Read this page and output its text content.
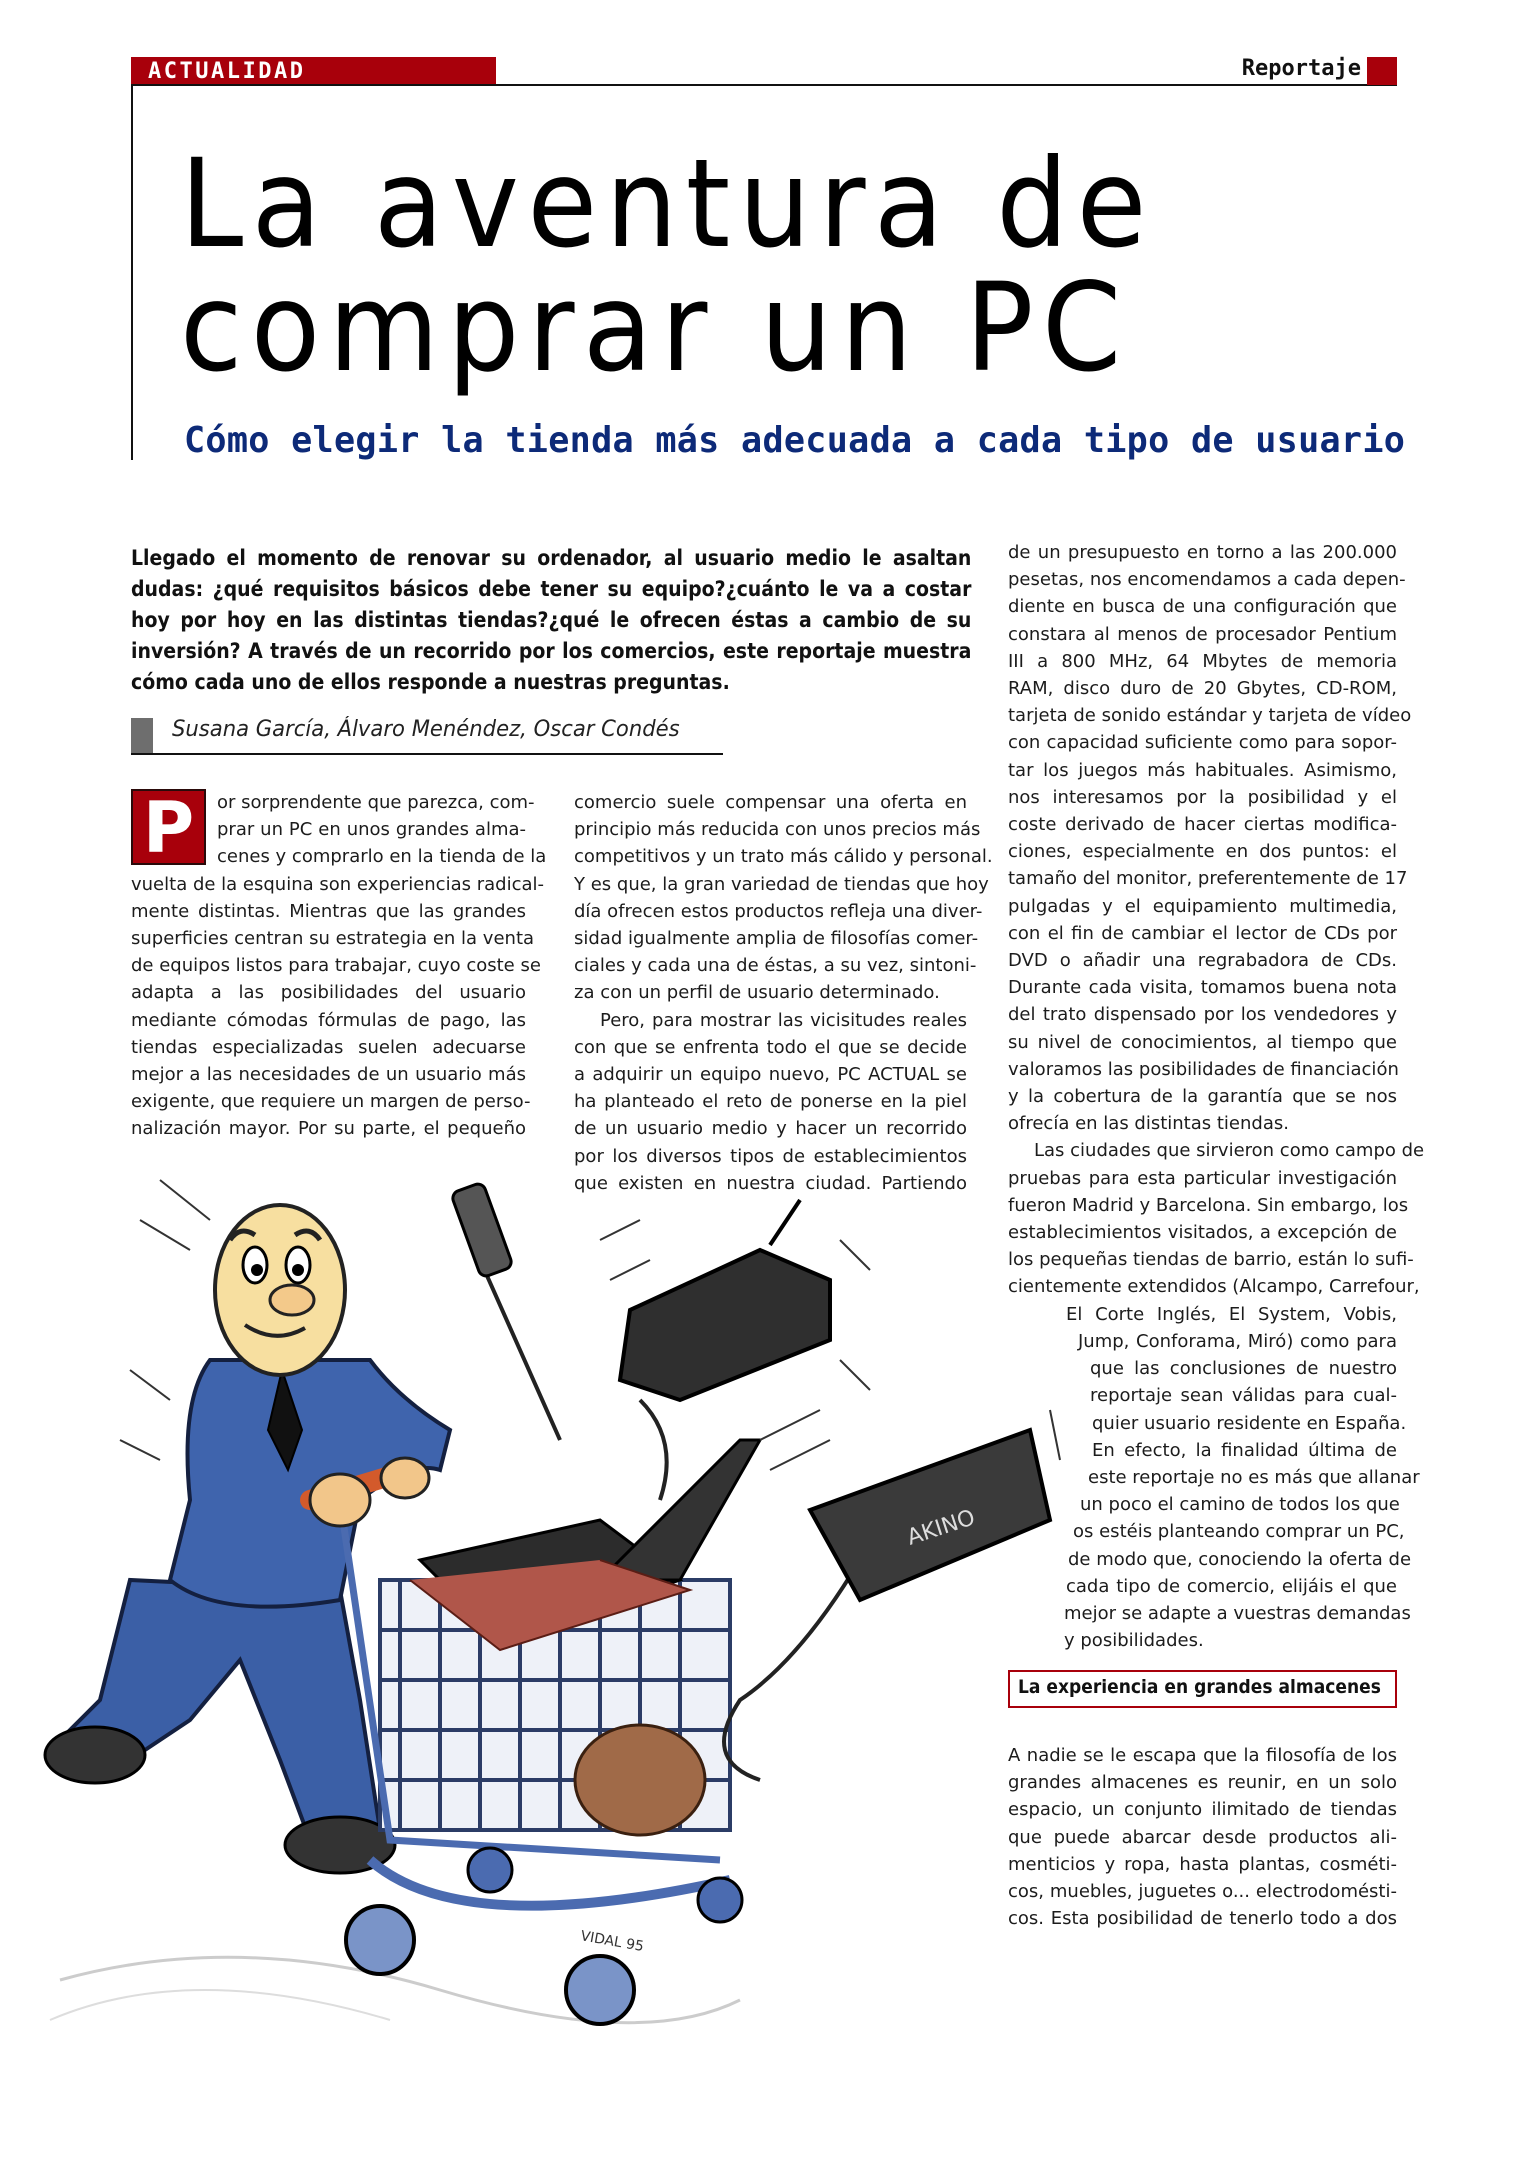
ACTUALIDAD	Reportaje
La aventura de
comprar un PC
Cómo elegir la tienda más adecuada a cada tipo de usuario
Llegado el momento de renovar su ordenador, al usuario medio le asaltan
dudas: ¿qué requisitos básicos debe tener su equipo?¿cuánto le va a costar
hoy por hoy en las distintas tiendas?¿qué le ofrecen éstas a cambio de su
inversión? A través de un recorrido por los comercios, este reportaje muestra
cómo cada uno de ellos responde a nuestras preguntas.
Susana García, Álvaro Menéndez, Oscar Condés
AKINO
VIDAL 95
P	or sorprendente que parezca, com-
prar un PC en unos grandes alma-
cenes y comprarlo en la tienda de la
vuelta de la esquina son experiencias radical-
mente distintas. Mientras que las grandes
superficies centran su estrategia en la venta
de equipos listos para trabajar, cuyo coste se
adapta a las posibilidades del usuario
mediante cómodas fórmulas de pago, las
tiendas especializadas suelen adecuarse
mejor a las necesidades de un usuario más
exigente, que requiere un margen de perso-
nalización mayor. Por su parte, el pequeño
comercio suele compensar una oferta en
principio más reducida con unos precios más
competitivos y un trato más cálido y personal.
Y es que, la gran variedad de tiendas que hoy
día ofrecen estos productos refleja una diver-
sidad igualmente amplia de filosofías comer-
ciales y cada una de éstas, a su vez, sintoni-
za con un perfil de usuario determinado.
Pero, para mostrar las vicisitudes reales
con que se enfrenta todo el que se decide
a adquirir un equipo nuevo, PC ACTUAL se
ha planteado el reto de ponerse en la piel
de un usuario medio y hacer un recorrido
por los diversos tipos de establecimientos
que existen en nuestra ciudad. Partiendo
de un presupuesto en torno a las 200.000
pesetas, nos encomendamos a cada depen-
diente en busca de una configuración que
constara al menos de procesador Pentium
III a 800 MHz, 64 Mbytes de memoria
RAM, disco duro de 20 Gbytes, CD-ROM,
tarjeta de sonido estándar y tarjeta de vídeo
con capacidad suficiente como para sopor-
tar los juegos más habituales. Asimismo,
nos interesamos por la posibilidad y el
coste derivado de hacer ciertas modifica-
ciones, especialmente en dos puntos: el
tamaño del monitor, preferentemente de 17
pulgadas y el equipamiento multimedia,
con el fin de cambiar el lector de CDs por
DVD o añadir una regrabadora de CDs.
Durante cada visita, tomamos buena nota
del trato dispensado por los vendedores y
su nivel de conocimientos, al tiempo que
valoramos las posibilidades de financiación
y la cobertura de la garantía que se nos
ofrecía en las distintas tiendas.
Las ciudades que sirvieron como campo de
pruebas para esta particular investigación
fueron Madrid y Barcelona. Sin embargo, los
establecimientos visitados, a excepción de
los pequeñas tiendas de barrio, están lo sufi-
cientemente extendidos (Alcampo, Carrefour,
El Corte Inglés, El System, Vobis,
Jump, Conforama, Miró) como para
que las conclusiones de nuestro
reportaje sean válidas para cual-
quier usuario residente en España.
En efecto, la finalidad última de
este reportaje no es más que allanar
un poco el camino de todos los que
os estéis planteando comprar un PC,
de modo que, conociendo la oferta de
cada tipo de comercio, elijáis el que
mejor se adapte a vuestras demandas
y posibilidades.
La experiencia en grandes almacenes
A nadie se le escapa que la filosofía de los
grandes almacenes es reunir, en un solo
espacio, un conjunto ilimitado de tiendas
que puede abarcar desde productos ali-
menticios y ropa, hasta plantas, cosméti-
cos, muebles, juguetes o... electrodomésti-
cos. Esta posibilidad de tenerlo todo a dos
